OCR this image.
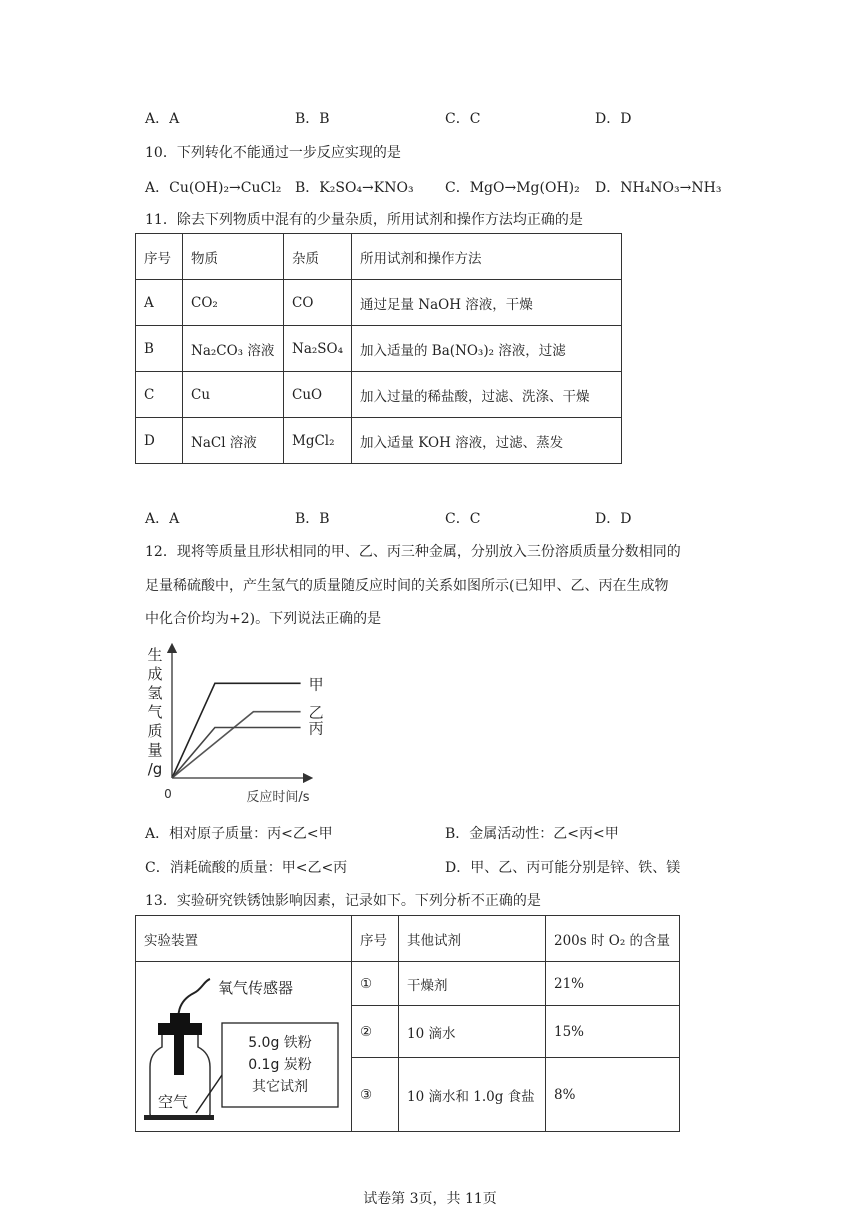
A．A	B．B	C．C	D．D
10．下列转化不能通过一步反应实现的是
A．Cu(OH)₂→CuCl₂ B．K₂SO₄→KNO₃ C．MgO→Mg(OH)₂ D．NH₄NO₃→NH₃
11．除去下列物质中混有的少量杂质，所用试剂和操作方法均正确的是
序号	物质	杂质	所用试剂和操作方法
A	CO₂	CO	通过足量 NaOH 溶液，干燥
B	Na₂CO₃ 溶液	Na₂SO₄	加入适量的 Ba(NO₃)₂ 溶液，过滤
C	Cu	CuO	加入过量的稀盐酸，过滤、洗涤、干燥
D	NaCl 溶液	MgCl₂	加入适量 KOH 溶液，过滤、蒸发
A．A	B．B	C．C	D．D
12．现将等质量且形状相同的甲、乙、丙三种金属，分别放入三份溶质质量分数相同的
足量稀硫酸中，产生氢气的质量随反应时间的关系如图所示(已知甲、乙、丙在生成物
中化合价均为+2)。下列说法正确的是
甲
乙
丙
生
成
氢
气
质
量
/g
0	反应时间/s
A．相对原子质量：丙<乙<甲	B．金属活动性：乙<丙<甲
C．消耗硫酸的质量：甲<乙<丙	D．甲、乙、丙可能分别是锌、铁、镁
13．实验研究铁锈蚀影响因素，记录如下。下列分析不正确的是
实验装置	序号	其他试剂	200s 时 O₂ 的含量

氧气传感器
空气
5.0g 铁粉
0.1g 炭粉
其它试剂	①	干燥剂	21%
	②	10 滴水	15%
	③	10 滴水和 1.0g 食盐	8%
试卷第 3页，共 11页
